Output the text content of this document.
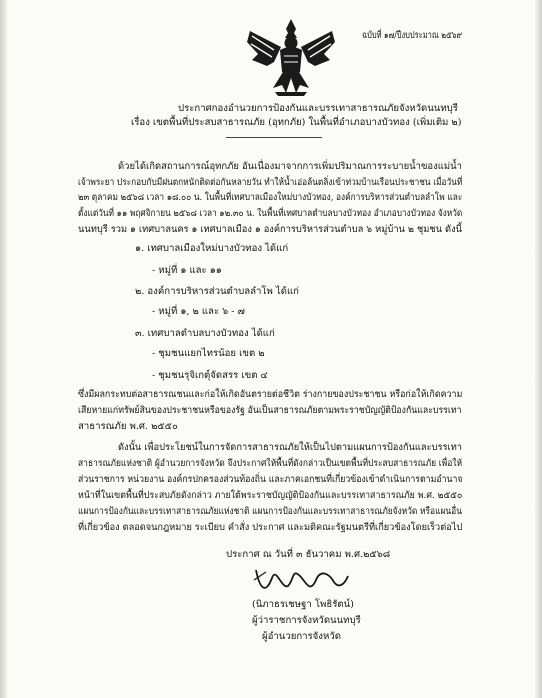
ฉบับที่ ๑๗/ปีงบประมาณ ๒๕๖๙
ประกาศกองอำนวยการป้องกันและบรรเทาสาธารณภัยจังหวัดนนทบุรี
เรื่อง เขตพื้นที่ประสบสาธารณภัย (อุทกภัย) ในพื้นที่อำเภอบางบัวทอง (เพิ่มเติม ๒)
ด้วยได้เกิดสถานการณ์อุทกภัย อันเนื่องมาจากการเพิ่มปริมาณการระบายน้ำของแม่น้ำ
เจ้าพระยา ประกอบกับมีฝนตกหนักติดต่อกันหลายวัน ทำให้น้ำเอ่อล้นตลิ่งเข้าท่วมบ้านเรือนประชาชน เมื่อวันที่
๒๓ ตุลาคม ๒๕๖๘ เวลา ๑๘.๐๐ น. ในพื้นที่เทศบาลเมืองใหม่บางบัวทอง, องค์การบริหารส่วนตำบลลำโพ และ
ตั้งแต่วันที่ ๑๑ พฤศจิกายน ๒๕๖๘ เวลา ๑๒.๓๐ น. ในพื้นที่เทศบาลตำบลบางบัวทอง อำเภอบางบัวทอง จังหวัด
นนทบุรี รวม ๑ เทศบาลนคร ๑ เทศบาลเมือง ๑ องค์การบริหารส่วนตำบล ๖ หมู่บ้าน ๒ ชุมชน ดังนี้
๑. เทศบาลเมืองใหม่บางบัวทอง ได้แก่
- หมู่ที่ ๑ และ ๑๑
๒. องค์การบริหารส่วนตำบลลำโพ ได้แก่
- หมู่ที่ ๑, ๒ และ ๖ - ๗
๓. เทศบาลตำบลบางบัวทอง ได้แก่
- ชุมชนแยกไทรน้อย เขต ๒
- ชุมชนรุจิเกตุ์จัดสรร เขต ๔
ซึ่งมีผลกระทบต่อสาธารณชนและก่อให้เกิดอันตรายต่อชีวิต ร่างกายของประชาชน หรือก่อให้เกิดความ
เสียหายแก่ทรัพย์สินของประชาชนหรือของรัฐ อันเป็นสาธารณภัยตามพระราชบัญญัติป้องกันและบรรเทา
สาธารณภัย พ.ศ. ๒๕๕๐
ดังนั้น เพื่อประโยชน์ในการจัดการสาธารณภัยให้เป็นไปตามแผนการป้องกันและบรรเทา
สาธารณภัยแห่งชาติ ผู้อำนวยการจังหวัด จึงประกาศให้พื้นที่ดังกล่าวเป็นเขตพื้นที่ประสบสาธารณภัย เพื่อให้
ส่วนราชการ หน่วยงาน องค์กรปกครองส่วนท้องถิ่น และภาคเอกชนที่เกี่ยวข้องเข้าดำเนินการตามอำนาจ
หน้าที่ในเขตพื้นที่ประสบภัยดังกล่าว ภายใต้พระราชบัญญัติป้องกันและบรรเทาสาธารณภัย พ.ศ. ๒๕๕๐
แผนการป้องกันและบรรเทาสาธารณภัยแห่งชาติ แผนการป้องกันและบรรเทาสาธารณภัยจังหวัด หรือแผนอื่น
ที่เกี่ยวข้อง ตลอดจนกฎหมาย ระเบียบ คำสั่ง ประกาศ และมติคณะรัฐมนตรีที่เกี่ยวข้องโดยเร็วต่อไป
ประกาศ ณ วันที่ ๓ ธันวาคม พ.ศ.๒๕๖๘
(นิภาธรเชษฐา โพธิรัตน์)
ผู้ว่าราชการจังหวัดนนทบุรี
ผู้อำนวยการจังหวัด
